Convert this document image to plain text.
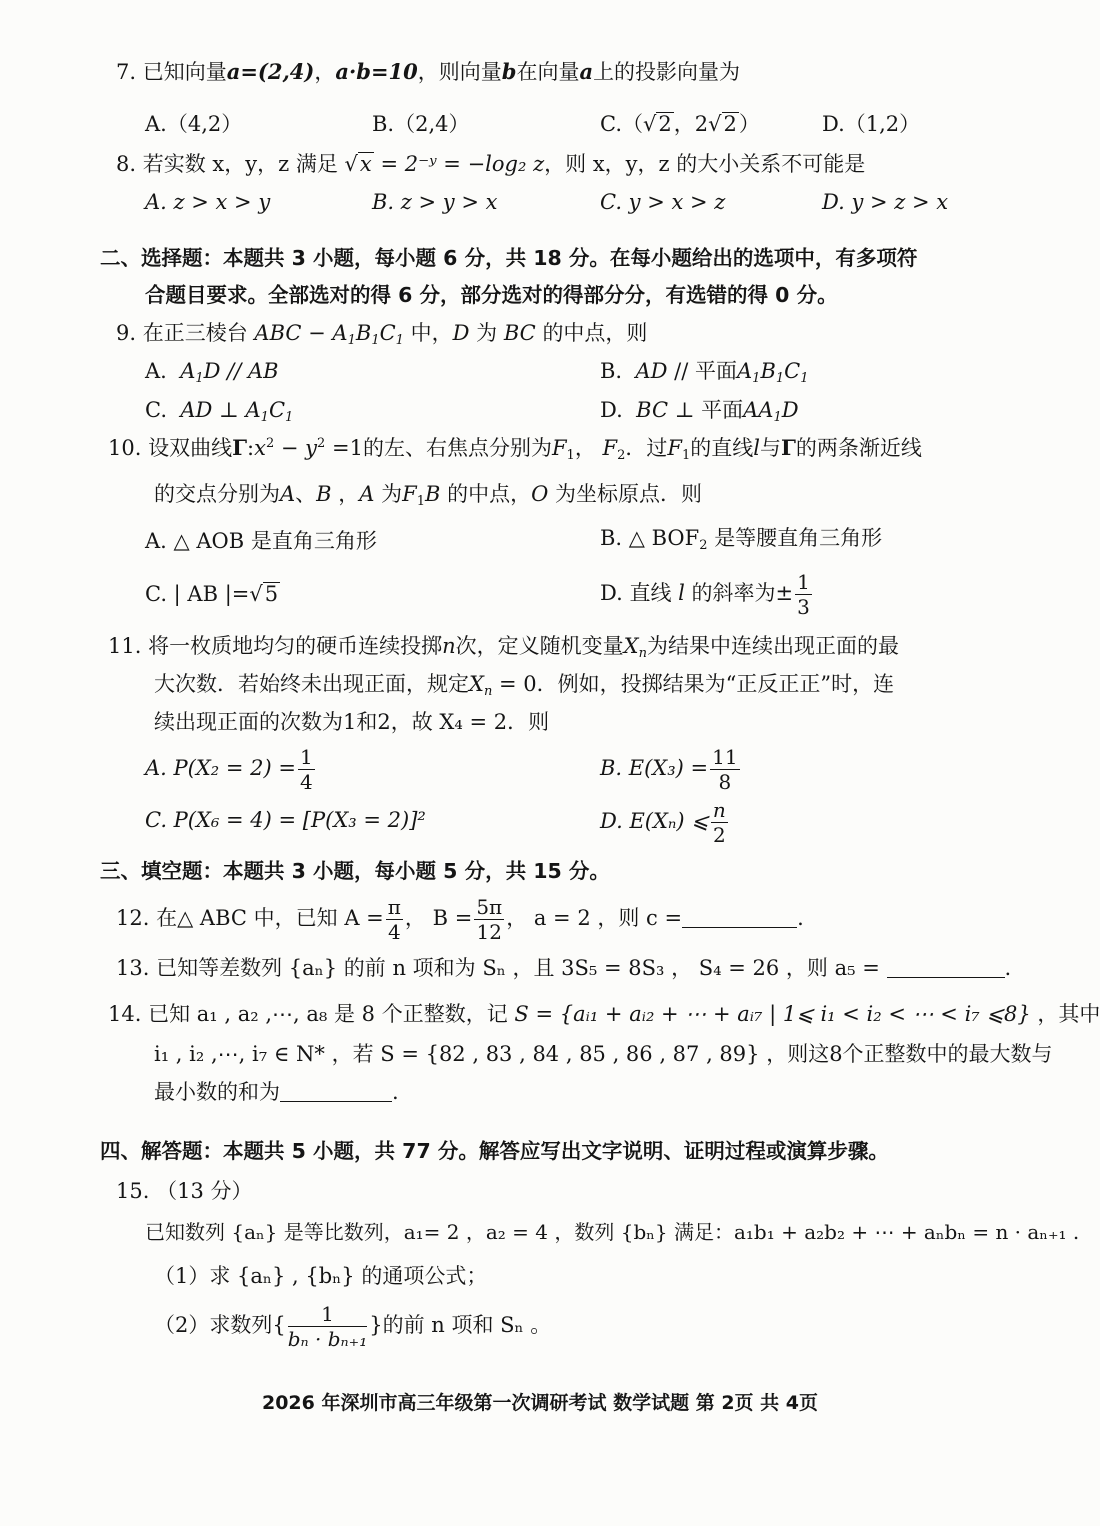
7. 已知向量a=(2,4)，a·b=10，则向量b在向量a上的投影向量为
A.（4,2）	B.（2,4）	C.（√2，2√2）	D.（1,2）
8. 若实数 x，y，z 满足 √x = 2⁻ʸ = −log₂ z，则 x，y，z 的大小关系不可能是
A. z > x > y	B. z > y > x	C. y > x > z	D. y > z > x
二、选择题：本题共 3 小题，每小题 6 分，共 18 分。在每小题给出的选项中，有多项符
合题目要求。全部选对的得 6 分，部分选对的得部分分，有选错的得 0 分。
9. 在正三棱台 ABC − $A_1B_1C_1$ 中，D 为 BC 的中点，则
A. $A_1D$ // AB	B. AD // 平面$A_1B_1C_1$
C. AD ⊥ $A_1C_1$	D. BC ⊥ 平面$AA_1D$
10. 设双曲线$\Gamma:x^2 - y^2 =1$的左、右焦点分别为$F_1$， $F_2$．过$F_1$的直线l与Γ的两条渐近线
的交点分别为A、B ，A 为$F_1B$ 的中点，O 为坐标原点．则
A. △ AOB 是直角三角形	B. △ $BOF_2$ 是等腰直角三角形
C. | AB |=√5	D. 直线 l 的斜率为± $\frac{1}{3}$
11. 将一枚质地均匀的硬币连续投掷n次，定义随机变量$X_n$为结果中连续出现正面的最
大次数．若始终未出现正面，规定$X_n = 0$．例如，投掷结果为“正反正正”时，连
续出现正面的次数为1和2，故 X₄ = 2．则
A. $P(X_2 = 2) = \frac{1}{4}$	B. $E(X_3) = \frac{11}{8}$
C. P(X₆ = 4) = [P(X₃ = 2)]²	D. E(Xₙ) ⩽ $\frac{n}{2}$
三、填空题：本题共 3 小题，每小题 5 分，共 15 分。
12. 在△ ABC 中，已知 $A = \frac{\pi}{4}$ ， $B = \frac{5\pi}{12}$ ， a = 2 ，则 c =	.
13. 已知等差数列 {aₙ} 的前 n 项和为 Sₙ ，且 3S₅ = 8S₃ ， S₄ = 26 ，则 a₅ =	.
14. 已知 a₁ , a₂ ,⋯, a₈ 是 8 个正整数，记 S = {aᵢ₁ + aᵢ₂ + ⋯ + aᵢ₇ | 1⩽ i₁ < i₂ < ⋯ < i₇ ⩽8} ，其中
i₁ , i₂ ,⋯, i₇ ∈ N* ，若 S = {82 , 83 , 84 , 85 , 86 , 87 , 89} ，则这8个正整数中的最大数与
最小数的和为	.
四、解答题：本题共 5 小题，共 77 分。解答应写出文字说明、证明过程或演算步骤。
15. （13 分）
已知数列 {aₙ} 是等比数列，a₁= 2 ，a₂ = 4 ，数列 {bₙ} 满足：a₁b₁ + a₂b₂ + ⋯ + aₙbₙ = n · aₙ₊₁ .
（1）求 {aₙ} , {bₙ} 的通项公式；
（2）求数列{ $\frac{1}{\text{bₙ · bₙ₊₁}}$ }的前 n 项和 Sₙ 。
2026 年深圳市高三年级第一次调研考试 数学试题 第 2页 共 4页
